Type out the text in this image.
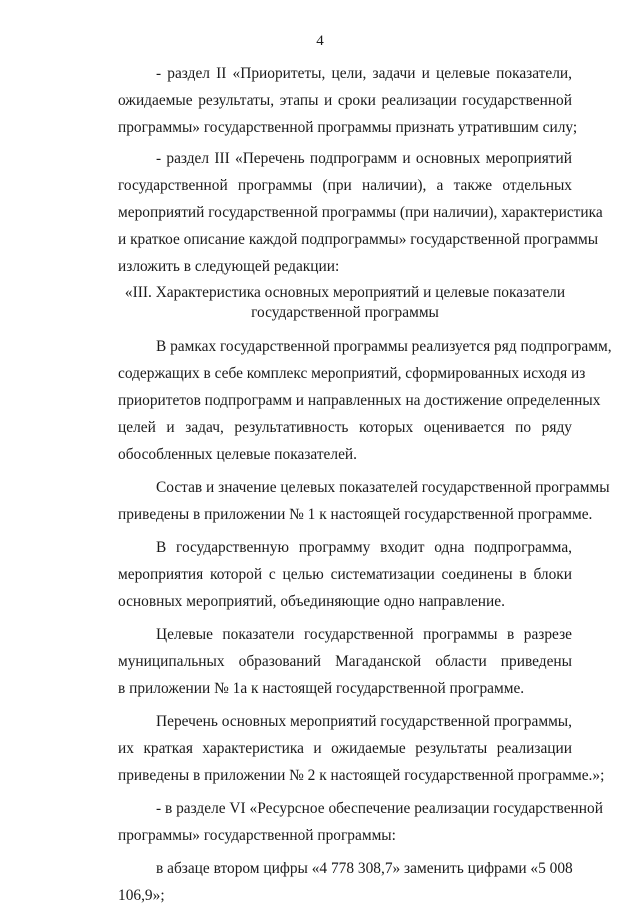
4
- раздел II «Приоритеты, цели, задачи и целевые показатели,
ожидаемые результаты, этапы и сроки реализации государственной
программы» государственной программы признать утратившим силу;
- раздел III «Перечень подпрограмм и основных мероприятий
государственной программы (при наличии), а также отдельных
мероприятий государственной программы (при наличии), характеристика
и краткое описание каждой подпрограммы» государственной программы
изложить в следующей редакции:
«III. Характеристика основных мероприятий и целевые показатели
государственной программы
В рамках государственной программы реализуется ряд подпрограмм,
содержащих в себе комплекс мероприятий, сформированных исходя из
приоритетов подпрограмм и направленных на достижение определенных
целей и задач, результативность которых оценивается по ряду
обособленных целевые показателей.
Состав и значение целевых показателей государственной программы
приведены в приложении № 1 к настоящей государственной программе.
В государственную программу входит одна подпрограмма,
мероприятия которой с целью систематизации соединены в блоки
основных мероприятий, объединяющие одно направление.
Целевые показатели государственной программы в разрезе
муниципальных образований Магаданской области приведены
в приложении № 1а к настоящей государственной программе.
Перечень основных мероприятий государственной программы,
их краткая характеристика и ожидаемые результаты реализации
приведены в приложении № 2 к настоящей государственной программе.»;
- в разделе VI «Ресурсное обеспечение реализации государственной
программы» государственной программы:
в абзаце втором цифры «4 778 308,7» заменить цифрами «5 008
106,9»;
